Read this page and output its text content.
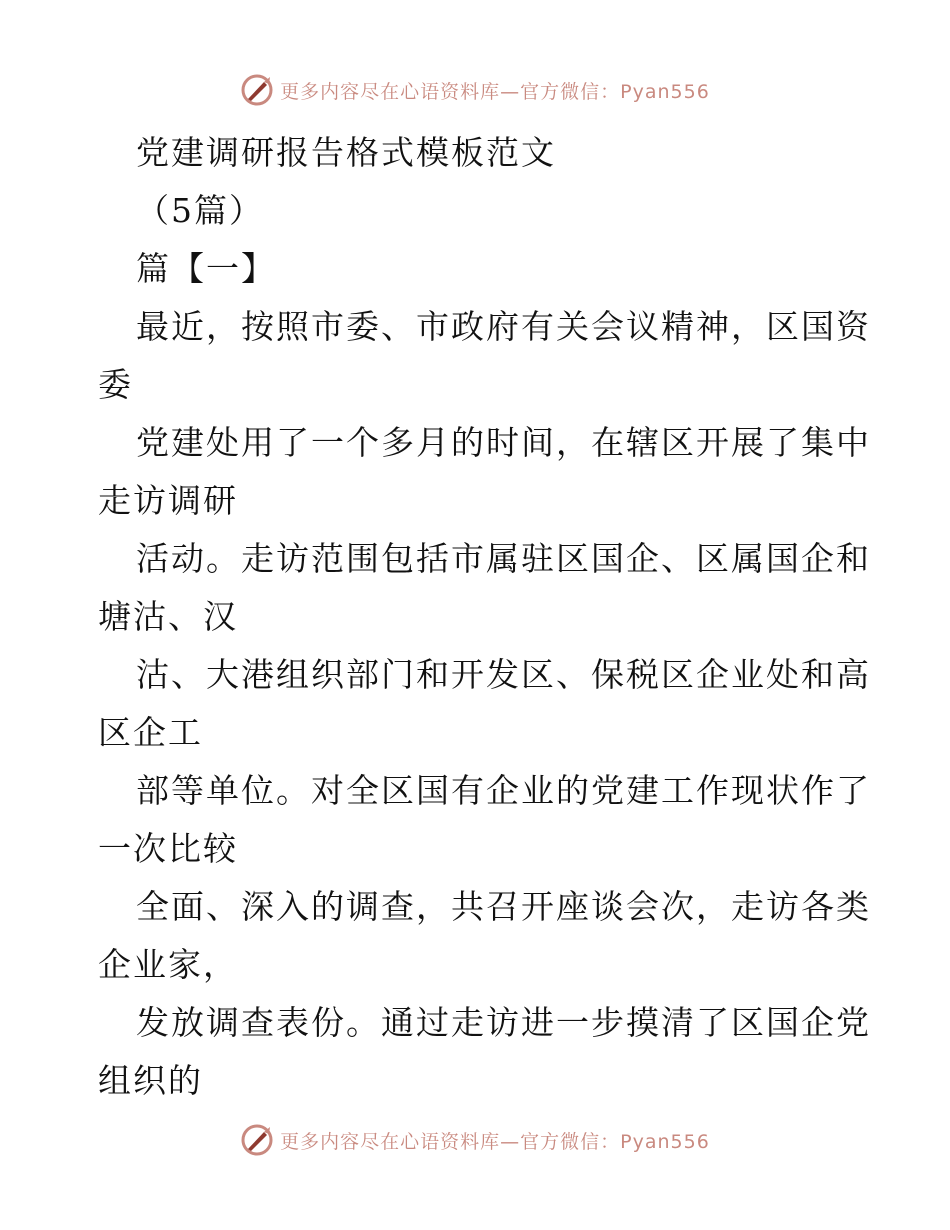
更多内容尽在心语资料库—官方微信：Pyan556
党建调研报告格式模板范文
（5篇）
篇【一】
最近，按照市委、市政府有关会议精神，区国资
委
党建处用了一个多月的时间，在辖区开展了集中
走访调研
活动。走访范围包括市属驻区国企、区属国企和
塘沽、汉
沽、大港组织部门和开发区、保税区企业处和高
区企工
部等单位。对全区国有企业的党建工作现状作了
一次比较
全面、深入的调查，共召开座谈会次，走访各类
企业家，
发放调查表份。通过走访进一步摸清了区国企党
组织的
更多内容尽在心语资料库—官方微信：Pyan556
